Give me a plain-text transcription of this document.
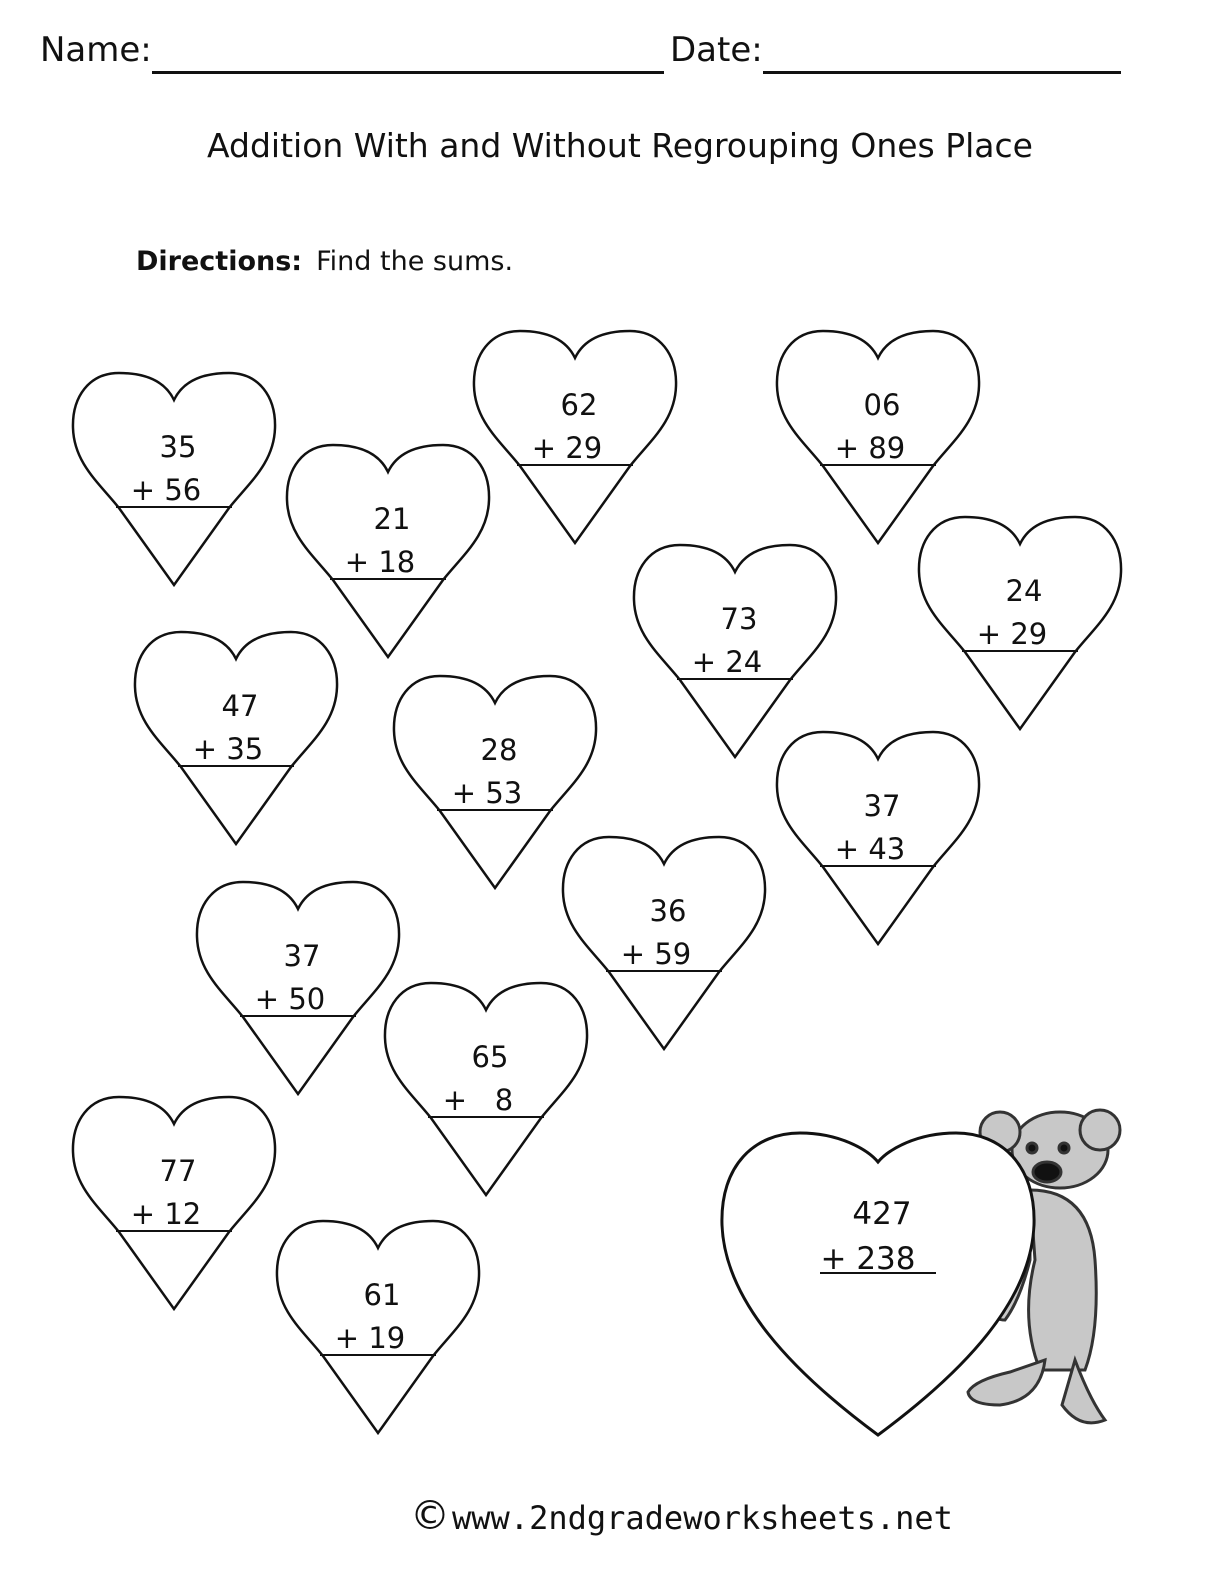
Name:	Date:
Addition With and Without Regrouping Ones Place
Directions: Find the sums.
35
+ 56
21
+ 18
62
+ 29
06
+ 89
73
+ 24
24
+ 29
47
+ 35	28
+ 53	37
+ 43
36
+ 59
37
+ 50
65
+   8
77
+ 12
61
+ 19
427
+ 238
©www.2ndgradeworksheets.net
